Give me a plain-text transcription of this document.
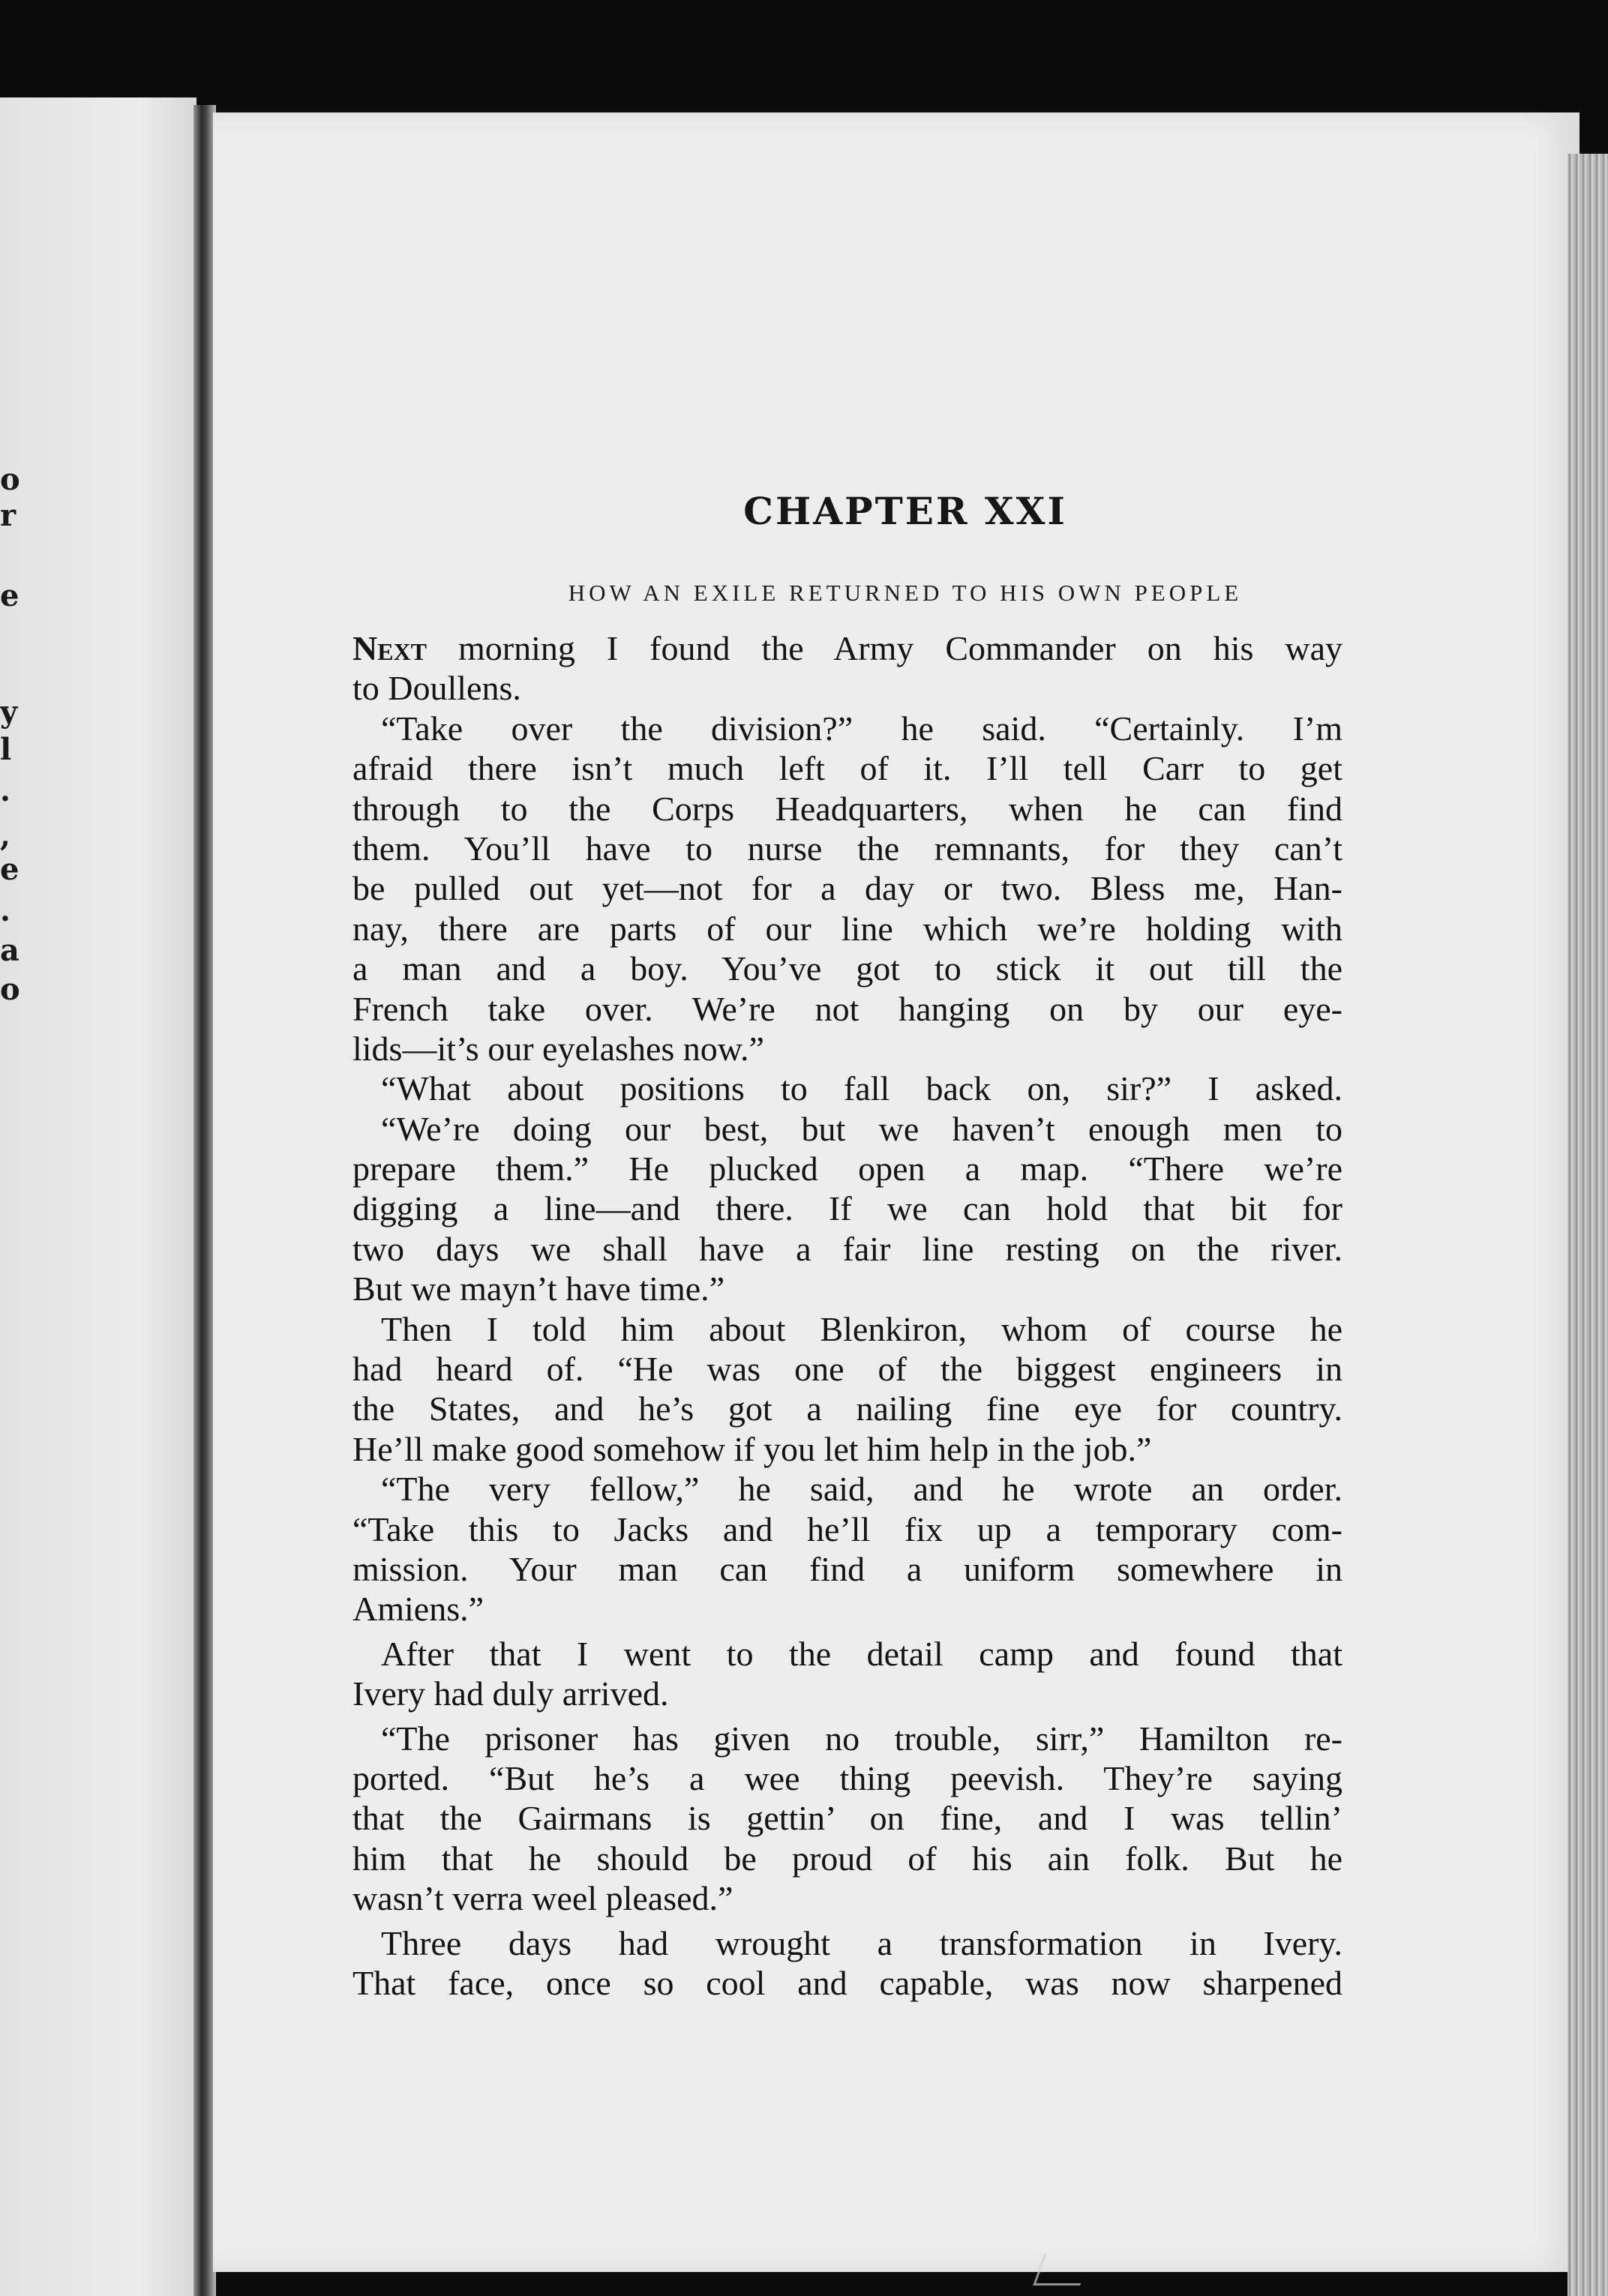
o
r
e
y
l
.
,
e
.
a
o
CHAPTER XXI
HOW AN EXILE RETURNED TO HIS OWN PEOPLE
Next morning I found the Army Commander on his way
to Doullens.
“Take over the division?” he said. “Certainly. I’m
afraid there isn’t much left of it. I’ll tell Carr to get
through to the Corps Headquarters, when he can find
them. You’ll have to nurse the remnants, for they can’t
be pulled out yet—not for a day or two. Bless me, Han-
nay, there are parts of our line which we’re holding with
a man and a boy. You’ve got to stick it out till the
French take over. We’re not hanging on by our eye-
lids—it’s our eyelashes now.”
“What about positions to fall back on, sir?” I asked.
“We’re doing our best, but we haven’t enough men to
prepare them.” He plucked open a map. “There we’re
digging a line—and there. If we can hold that bit for
two days we shall have a fair line resting on the river.
But we mayn’t have time.”
Then I told him about Blenkiron, whom of course he
had heard of. “He was one of the biggest engineers in
the States, and he’s got a nailing fine eye for country.
He’ll make good somehow if you let him help in the job.”
“The very fellow,” he said, and he wrote an order.
“Take this to Jacks and he’ll fix up a temporary com-
mission. Your man can find a uniform somewhere in
Amiens.”
After that I went to the detail camp and found that
Ivery had duly arrived.
“The prisoner has given no trouble, sirr,” Hamilton re-
ported. “But he’s a wee thing peevish. They’re saying
that the Gairmans is gettin’ on fine, and I was tellin’
him that he should be proud of his ain folk. But he
wasn’t verra weel pleased.”
Three days had wrought a transformation in Ivery.
That face, once so cool and capable, was now sharpened
